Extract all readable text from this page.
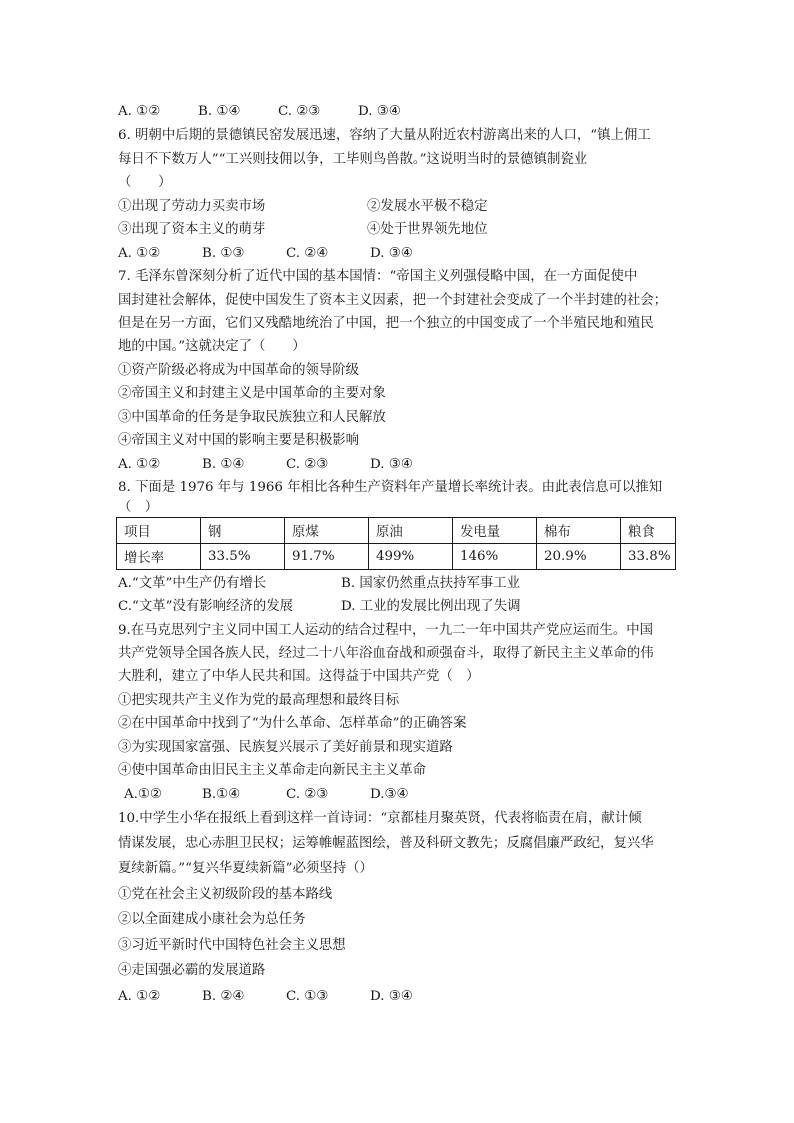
A. ①②	B. ①④	C. ②③	D. ③④
6. 明朝中后期的景德镇民窑发展迅速，容纳了大量从附近农村游离出来的人口，“镇上佣工
每日不下数万人”“工兴则技佣以争，工毕则鸟兽散。”这说明当时的景德镇制瓷业
（　　）
①出现了劳动力买卖市场	②发展水平极不稳定
③出现了资本主义的萌芽	④处于世界领先地位
A. ①②	B. ①③	C. ②④	D. ③④
7. 毛泽东曾深刻分析了近代中国的基本国情：“帝国主义列强侵略中国，在一方面促使中
国封建社会解体，促使中国发生了资本主义因素，把一个封建社会变成了一个半封建的社会；
但是在另一方面，它们又残酷地统治了中国，把一个独立的中国变成了一个半殖民地和殖民
地的中国。”这就决定了（　　）
①资产阶级必将成为中国革命的领导阶级
②帝国主义和封建主义是中国革命的主要对象
③中国革命的任务是争取民族独立和人民解放
④帝国主义对中国的影响主要是积极影响
A. ①②	B. ①④	C. ②③	D. ③④
8. 下面是 1976 年与 1966 年相比各种生产资料年产量增长率统计表。由此表信息可以推知
（　）
项目	钢	原煤	原油	发电量	棉布	粮食
增长率	33.5%	91.7%	499%	146%	20.9%	33.8%
A.“文革”中生产仍有增长	B. 国家仍然重点扶持军事工业
C.“文革”没有影响经济的发展	D. 工业的发展比例出现了失调
9.在马克思列宁主义同中国工人运动的结合过程中，一九二一年中国共产党应运而生。中国
共产党领导全国各族人民，经过二十八年浴血奋战和顽强奋斗，取得了新民主主义革命的伟
大胜利，建立了中华人民共和国。这得益于中国共产党（　）
①把实现共产主义作为党的最高理想和最终目标
②在中国革命中找到了“为什么革命、怎样革命”的正确答案
③为实现国家富强、民族复兴展示了美好前景和现实道路
④使中国革命由旧民主主义革命走向新民主主义革命
A.①②	B.①④	C. ②③	D.③④
10.中学生小华在报纸上看到这样一首诗词：“京都桂月聚英贤，代表将临责在肩，献计倾
情谋发展，忠心赤胆卫民权；运筹帷幄蓝图绘，普及科研文教先；反腐倡廉严政纪，复兴华
夏续新篇。”“复兴华夏续新篇”必须坚持（）
①党在社会主义初级阶段的基本路线
②以全面建成小康社会为总任务
③习近平新时代中国特色社会主义思想
④走国强必霸的发展道路
A. ①②	B. ②④	C. ①③	D. ③④
